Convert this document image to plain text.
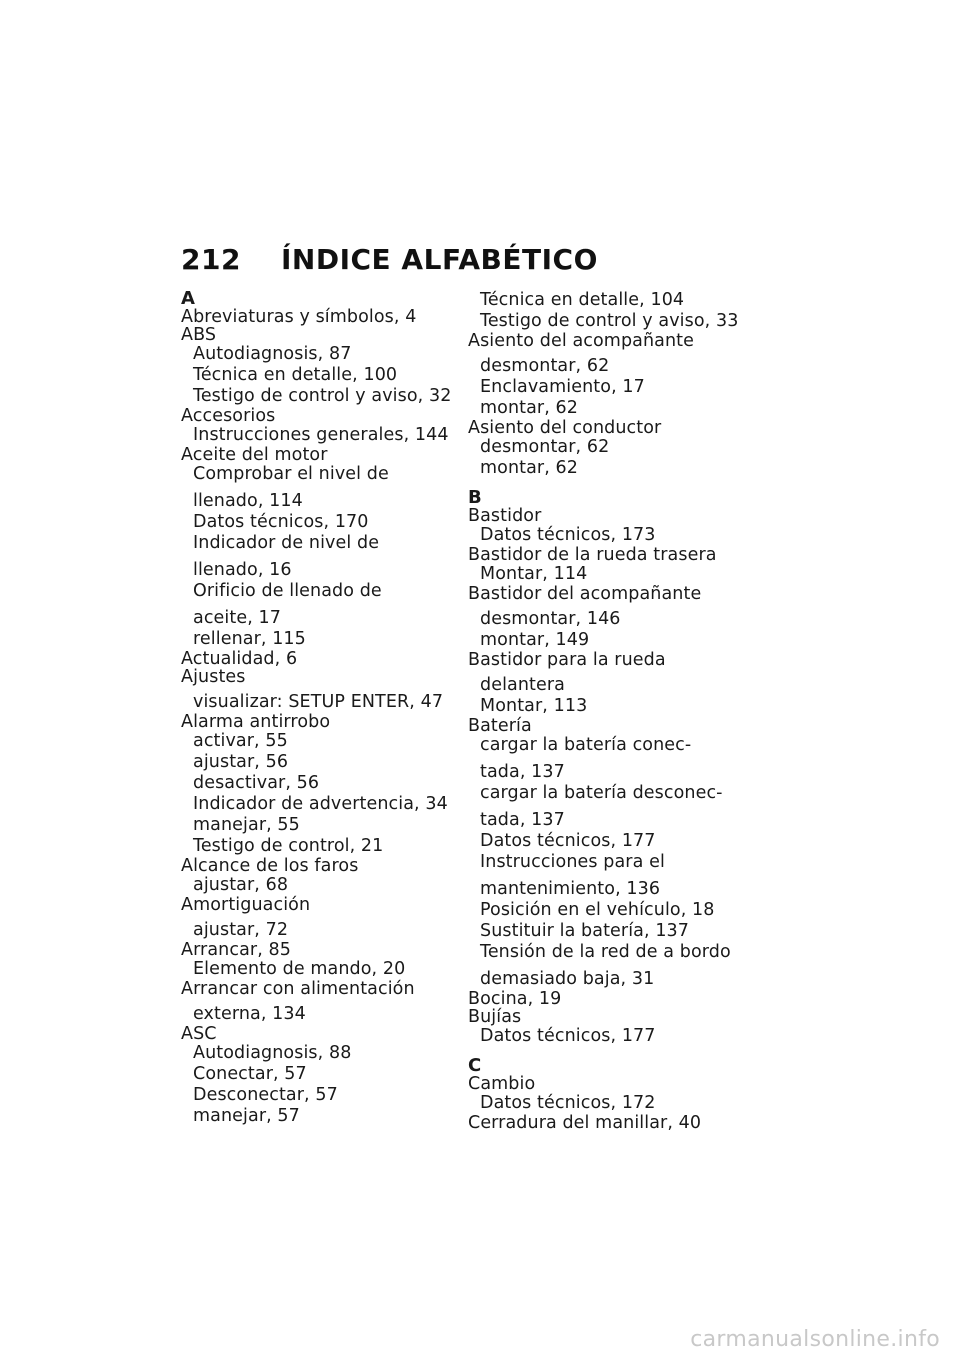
212	ÍNDICE ALFABÉTICO
A
Abreviaturas y símbolos, 4
ABS
Autodiagnosis, 87
Técnica en detalle, 100
Testigo de control y aviso, 32
Accesorios
Instrucciones generales, 144
Aceite del motor
Comprobar el nivel de
llenado, 114
Datos técnicos, 170
Indicador de nivel de
llenado, 16
Orificio de llenado de
aceite, 17
rellenar, 115
Actualidad, 6
Ajustes
visualizar: SETUP ENTER, 47
Alarma antirrobo
activar, 55
ajustar, 56
desactivar, 56
Indicador de advertencia, 34
manejar, 55
Testigo de control, 21
Alcance de los faros
ajustar, 68
Amortiguación
ajustar, 72
Arrancar, 85
Elemento de mando, 20
Arrancar con alimentación
externa, 134
ASC
Autodiagnosis, 88
Conectar, 57
Desconectar, 57
manejar, 57
Técnica en detalle, 104
Testigo de control y aviso, 33
Asiento del acompañante
desmontar, 62
Enclavamiento, 17
montar, 62
Asiento del conductor
desmontar, 62
montar, 62
B
Bastidor
Datos técnicos, 173
Bastidor de la rueda trasera
Montar, 114
Bastidor del acompañante
desmontar, 146
montar, 149
Bastidor para la rueda
delantera
Montar, 113
Batería
cargar la batería conec-
tada, 137
cargar la batería desconec-
tada, 137
Datos técnicos, 177
Instrucciones para el
mantenimiento, 136
Posición en el vehículo, 18
Sustituir la batería, 137
Tensión de la red de a bordo
demasiado baja, 31
Bocina, 19
Bujías
Datos técnicos, 177
C
Cambio
Datos técnicos, 172
Cerradura del manillar, 40
carmanualsonline.info
